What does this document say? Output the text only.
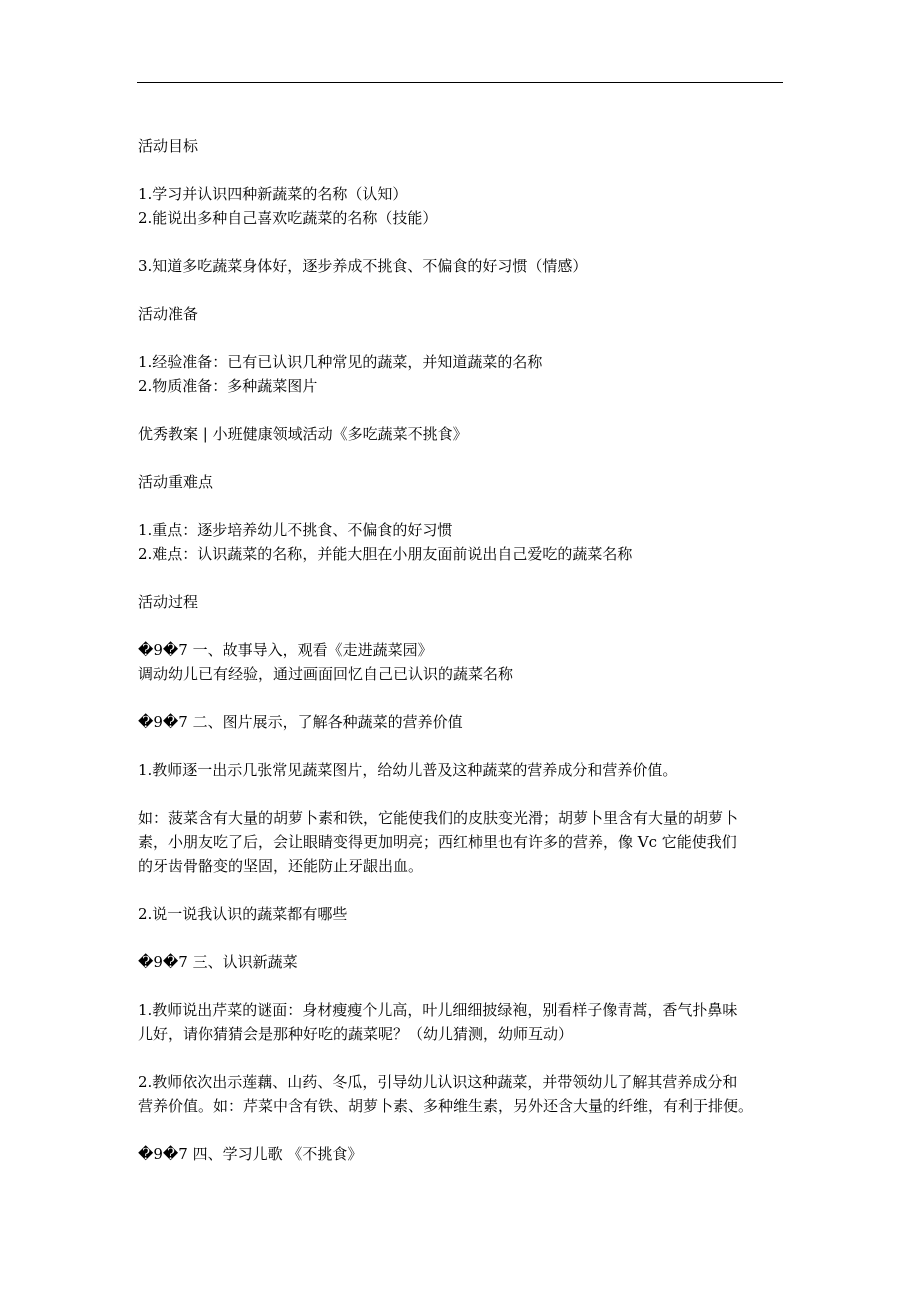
活动目标

1.学习并认识四种新蔬菜的名称（认知）

2.能说出多种自己喜欢吃蔬菜的名称（技能）

3.知道多吃蔬菜身体好，逐步养成不挑食、不偏食的好习惯（情感）

活动准备

1.经验准备：已有已认识几种常见的蔬菜，并知道蔬菜的名称

2.物质准备：多种蔬菜图片

优秀教案 | 小班健康领域活动《多吃蔬菜不挑食》

活动重难点

1.重点：逐步培养幼儿不挑食、不偏食的好习惯

2.难点：认识蔬菜的名称，并能大胆在小朋友面前说出自己爱吃的蔬菜名称

活动过程

�9�7 一、故事导入，观看《走进蔬菜园》

调动幼儿已有经验，通过画面回忆自己已认识的蔬菜名称

�9�7 二、图片展示，了解各种蔬菜的营养价值

1.教师逐一出示几张常见蔬菜图片，给幼儿普及这种蔬菜的营养成分和营养价值。

如：菠菜含有大量的胡萝卜素和铁，它能使我们的皮肤变光滑；胡萝卜里含有大量的胡萝卜

素，小朋友吃了后，会让眼睛变得更加明亮；西红柿里也有许多的营养，像 Vc 它能使我们

的牙齿骨骼变的坚固，还能防止牙龈出血。

2.说一说我认识的蔬菜都有哪些

�9�7 三、认识新蔬菜

1.教师说出芹菜的谜面：身材瘦瘦个儿高，叶儿细细披绿袍，别看样子像青蒿，香气扑鼻味

儿好，请你猜猜会是那种好吃的蔬菜呢？（幼儿猜测，幼师互动）

2.教师依次出示莲藕、山药、冬瓜，引导幼儿认识这种蔬菜，并带领幼儿了解其营养成分和

营养价值。如：芹菜中含有铁、胡萝卜素、多种维生素，另外还含大量的纤维，有利于排便。

�9�7 四、学习儿歌 《不挑食》
